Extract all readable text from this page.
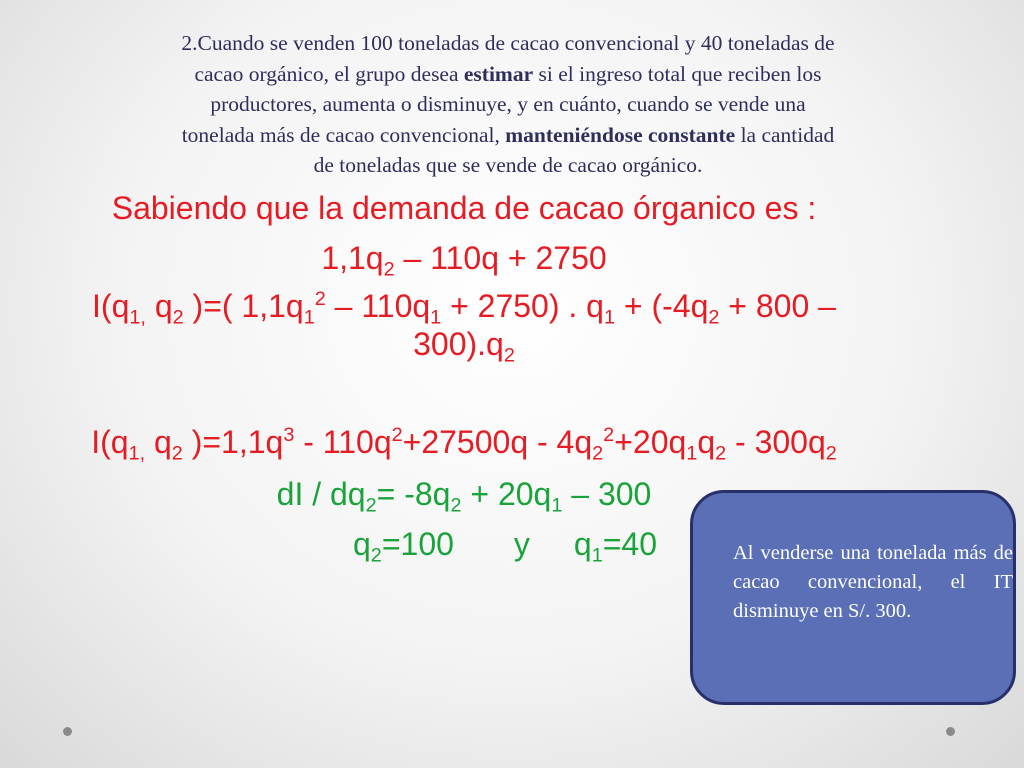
2.Cuando se venden 100 toneladas de cacao convencional y 40 toneladas de
cacao orgánico, el grupo desea estimar si el ingreso total que reciben los
productores, aumenta o disminuye, y en cuánto, cuando se vende una
tonelada más de cacao convencional, manteniéndose constante la cantidad
de toneladas que se vende de cacao orgánico.
Sabiendo que la demanda de cacao órganico es :
$1,1q_2 - 110q + 2750$
$I(q_{1,}$ $q_2$ )=( $1,1q_1^2 - 110q_1 + 2750$) . $q_1 + (-4q_2 + 800$ –
$300).q_2$
$I(q_{1,}$ $q_2$ )$=1,1q^3 - 110q^2+27500q - 4q_2^2+20q_1q_2 - 300q_2$
dI / $dq_2= -8q_2 + 20q_1 - 300$
$q_2=100$ y $q_1=40$	Al venderse una tonelada más de cacao convencional, el IT disminuye en S/. 300.
